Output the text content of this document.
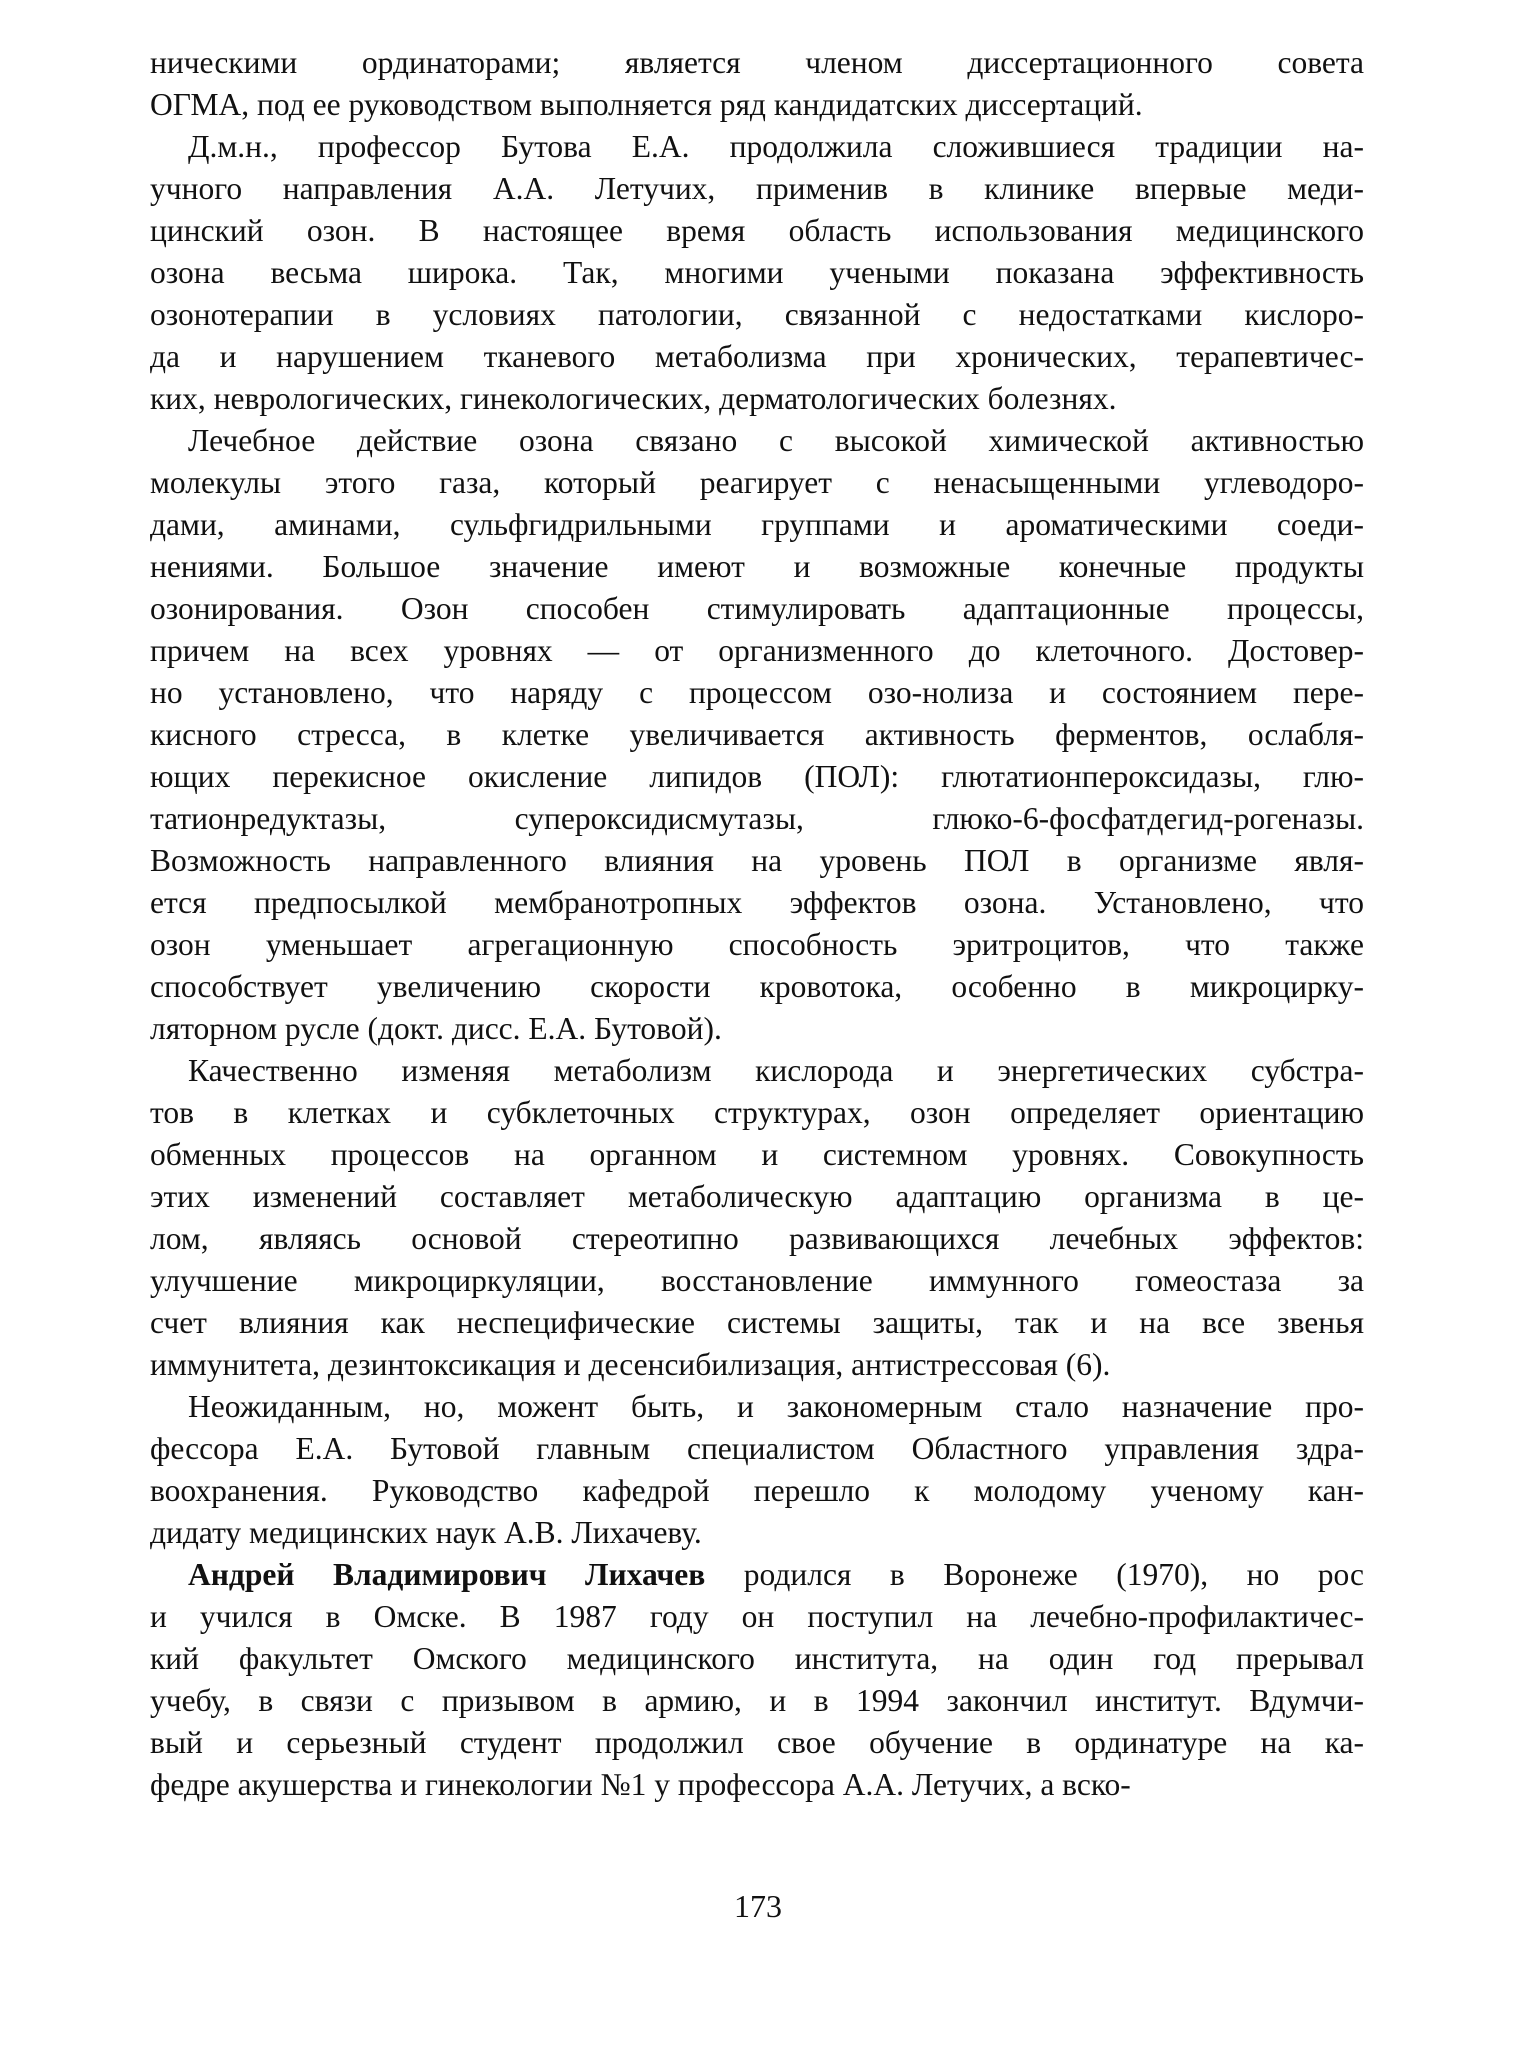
ническими ординаторами; является членом диссертационного совета
ОГМА, под ее руководством выполняется ряд кандидатских диссертаций.
Д.м.н., профессор Бутова Е.А. продолжила сложившиеся традиции на-
учного направления А.А. Летучих, применив в клинике впервые меди-
цинский озон. В настоящее время область использования медицинского
озона весьма широка. Так, многими учеными показана эффективность
озонотерапии в условиях патологии, связанной с недостатками кислоро-
да и нарушением тканевого метаболизма при хронических, терапевтичес-
ких, неврологических, гинекологических, дерматологических болезнях.
Лечебное действие озона связано с высокой химической активностью
молекулы этого газа, который реагирует с ненасыщенными углеводоро-
дами, аминами, сульфгидрильными группами и ароматическими соеди-
нениями. Большое значение имеют и возможные конечные продукты
озонирования. Озон способен стимулировать адаптационные процессы,
причем на всех уровнях — от организменного до клеточного. Достовер-
но установлено, что наряду с процессом озо-нолиза и состоянием пере-
кисного стресса, в клетке увеличивается активность ферментов, ослабля-
ющих перекисное окисление липидов (ПОЛ): глютатионпероксидазы, глю-
татионредуктазы, супероксидисмутазы, глюко-6-фосфатдегид-рогеназы.
Возможность направленного влияния на уровень ПОЛ в организме явля-
ется предпосылкой мембранотропных эффектов озона. Установлено, что
озон уменьшает агрегационную способность эритроцитов, что также
способствует увеличению скорости кровотока, особенно в микроцирку-
ляторном русле (докт. дисс. Е.А. Бутовой).
Качественно изменяя метаболизм кислорода и энергетических субстра-
тов в клетках и субклеточных структурах, озон определяет ориентацию
обменных процессов на органном и системном уровнях. Совокупность
этих изменений составляет метаболическую адаптацию организма в це-
лом, являясь основой стереотипно развивающихся лечебных эффектов:
улучшение микроциркуляции, восстановление иммунного гомеостаза за
счет влияния как неспецифические системы защиты, так и на все звенья
иммунитета, дезинтоксикация и десенсибилизация, антистрессовая (6).
Неожиданным, но, можент быть, и закономерным стало назначение про-
фессора Е.А. Бутовой главным специалистом Областного управления здра-
воохранения. Руководство кафедрой перешло к молодому ученому кан-
дидату медицинских наук А.В. Лихачеву.
Андрей Владимирович Лихачев родился в Воронеже (1970), но рос
и учился в Омске. В 1987 году он поступил на лечебно-профилактичес-
кий факультет Омского медицинского института, на один год прерывал
учебу, в связи с призывом в армию, и в 1994 закончил институт. Вдумчи-
вый и серьезный студент продолжил свое обучение в ординатуре на ка-
федре акушерства и гинекологии №1 у профессора А.А. Летучих, а вско-
173
